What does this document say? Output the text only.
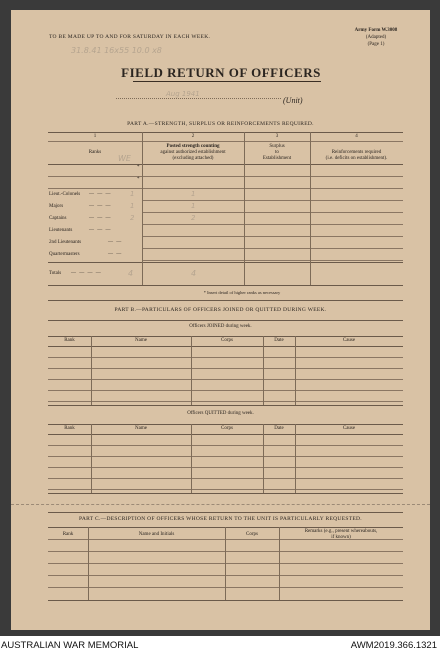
TO BE MADE UP TO AND FOR SATURDAY IN EACH WEEK.
Army Form W.3008
(Adapted)
(Page 1)
31.8.41 16x55 10.0 x8
FIELD RETURN OF OFFICERS
Aug 1941
(Unit)
PART A.—STRENGTH, SURPLUS OR REINFORCEMENTS REQUIRED.
1	2	3	4
Ranks
Posted strength counting
against authorized establishment
(excluding attached)
Surplus
to
Establishment
Reinforcements required
(i.e. deficits on establishment).
WE
*
*
Lieut.-Colonels — — —	1	1
Majors	— — —	1	1
Captains	— — —	2	2
Lieutenants	— — —
2nd Lieutenants	— —
Quartermasters	— —
Totals — — — —	4	4
* Insert detail of higher ranks as necessary
PART B.—PARTICULARS OF OFFICERS JOINED OR QUITTED DURING WEEK.
Officers JOINED during week.
Rank	Name	Corps	Date	Cause
Officers QUITTED during week.
Rank	Name	Corps	Date	Cause
PART C.—DESCRIPTION OF OFFICERS WHOSE RETURN TO THE UNIT IS PARTICULARLY REQUESTED.
Rank	Name and Initials	Corps
Remarks (e.g., present whereabouts,
if known)
AUSTRALIAN WAR MEMORIAL	AWM2019.366.1321
